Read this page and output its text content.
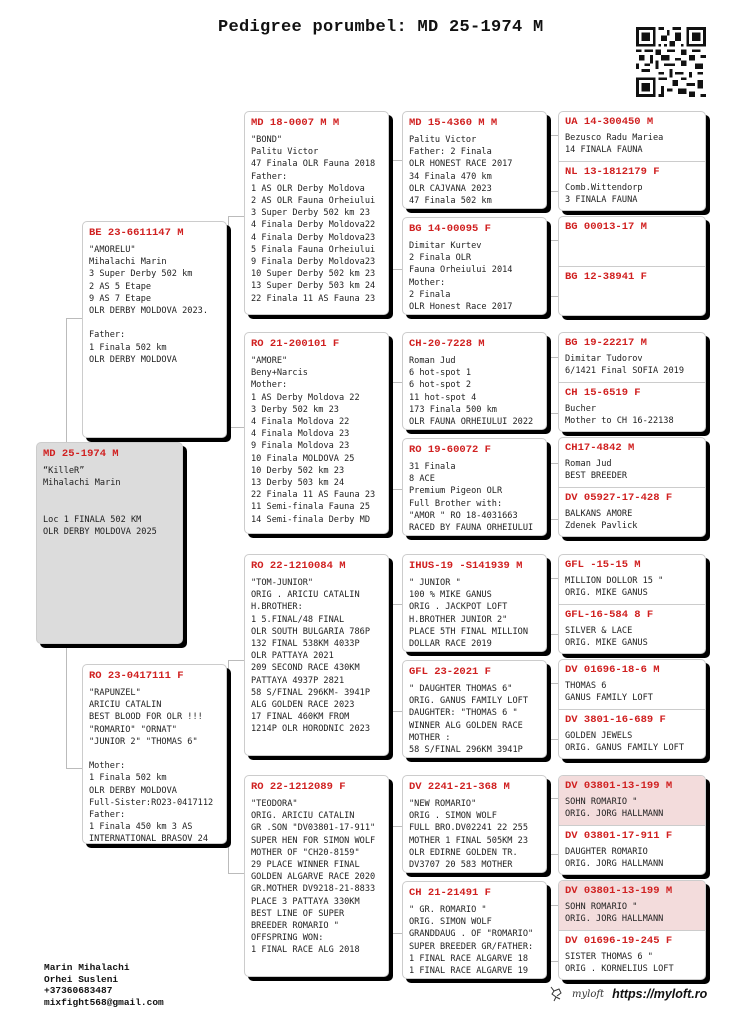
Pedigree porumbel: MD 25-1974 M
MD 25-1974 M
“KilleR”
Mihalachi Marin

Loc 1 FINALA 502 KM
OLR DERBY MOLDOVA 2025
BE 23-6611147 M
"AMORELU"
Mihalachi Marin
3 Super Derby 502 km
2 AS 5 Etape
9 AS 7 Etape
OLR DERBY MOLDOVA 2023.

Father:
1 Finala 502 km
OLR DERBY MOLDOVA
RO 23-0417111 F
"RAPUNZEL"
ARICIU CATALIN
BEST BLOOD FOR OLR !!!
"ROMARIO" "ORNAT"
"JUNIOR 2" "THOMAS 6"

Mother:
1 Finala 502 km
OLR DERBY MOLDOVA
Full-Sister:RO23-0417112
Father:
1 Finala 450 km 3 AS
INTERNATIONAL BRASOV 24
MD 18-0007 M M
"BOND"
Palitu Victor
47 Finala OLR Fauna 2018
Father:
1 AS OLR Derby Moldova
2 AS OLR Fauna Orheiului
3 Super Derby 502 km 23
4 Finala Derby Moldova22
4 Finala Derby Moldova23
5 Finala Fauna Orheiului
9 Finala Derby Moldova23
10 Super Derby 502 km 23
13 Super Derby 503 km 24
22 Finala 11 AS Fauna 23
RO 21-200101 F
"AMORE"
Beny+Narcis
Mother:
1 AS Derby Moldova 22
3 Derby 502 km 23
4 Finala Moldova 22
4 Finala Moldova 23
9 Finala Moldova 23
10 Finala MOLDOVA 25
10 Derby 502 km 23
13 Derby 503 km 24
22 Finala 11 AS Fauna 23
11 Semi-finala Fauna 25
14 Semi-finala Derby MD
RO 22-1210084 M
"TOM-JUNIOR"
ORIG . ARICIU CATALIN
H.BROTHER:
1 5.FINAL/48 FINAL
OLR SOUTH BULGARIA 786P
132 FINAL 538KM 4033P
OLR PATTAYA 2021
209 SECOND RACE 430KM
PATTAYA 4937P 2821
58 S/FINAL 296KM- 3941P
ALG GOLDEN RACE 2023
17 FINAL 460KM FROM
1214P OLR HORODNIC 2023
RO 22-1212089 F
"TEODORA"
ORIG. ARICIU CATALIN
GR .SON "DV03801-17-911"
SUPER HEN FOR SIMON WOLF
MOTHER OF "CH20-8159"
29 PLACE WINNER FINAL
GOLDEN ALGARVE RACE 2020
GR.MOTHER DV9218-21-8833
PLACE 3 PATTAYA 330KM
BEST LINE OF SUPER
BREEDER ROMARIO "
OFFSPRING WON:
1 FINAL RACE ALG 2018
MD 15-4360 M M
Palitu Victor
Father: 2 Finala
OLR HONEST RACE 2017
34 Finala 470 km
OLR CAJVANA 2023
47 Finala 502 km
BG 14-00095 F
Dimitar Kurtev
2 Finala OLR
Fauna Orheiului 2014
Mother:
2 Finala
OLR Honest Race 2017
CH-20-7228 M
Roman Jud
6 hot-spot 1
6 hot-spot 2
11 hot-spot 4
173 Finala 500 km
OLR FAUNA ORHEIULUI 2022
RO 19-60072 F
31 Finala
8 ACE
Premium Pigeon OLR
Full Brother with:
"AMOR " RO 18-4031663
RACED BY FAUNA ORHEIULUI
IHUS-19 -S141939 M
" JUNIOR "
100 % MIKE GANUS
ORIG . JACKPOT LOFT
H.BROTHER JUNIOR 2"
PLACE 5TH FINAL MILLION
DOLLAR RACE 2019
GFL 23-2021 F
" DAUGHTER THOMAS 6"
ORIG. GANUS FAMILY LOFT
DAUGHTER: "THOMAS 6 "
WINNER ALG GOLDEN RACE
MOTHER :
58 S/FINAL 296KM 3941P
DV 2241-21-368 M
"NEW ROMARIO"
ORIG . SIMON WOLF
FULL BRO.DV02241 22 255
MOTHER 1 FINAL 505KM 23
OLR EDIRNE GOLDEN TR.
DV3707 20 583 MOTHER
CH 21-21491 F
" GR. ROMARIO "
ORIG. SIMON WOLF
GRANDDAUG . OF "ROMARIO"
SUPER BREEDER GR/FATHER:
1 FINAL RACE ALGARVE 18
1 FINAL RACE ALGARVE 19
UA 14-300450 M
Bezusco Radu Mariea
14 FINALA FAUNA
NL 13-1812179 F
Comb.Wittendorp
3 FINALA FAUNA
BG 00013-17 M
BG 12-38941 F
BG 19-22217 M
Dimitar Tudorov
6/1421 Final SOFIA 2019
CH 15-6519 F
Bucher
Mother to CH 16-22138
CH17-4842 M
Roman Jud
BEST BREEDER
DV 05927-17-428 F
BALKANS AMORE
Zdenek Pavlick
GFL -15-15 M
MILLION DOLLOR 15 "
ORIG. MIKE GANUS
GFL-16-584 8 F
SILVER & LACE
ORIG. MIKE GANUS
DV 01696-18-6 M
THOMAS 6
GANUS FAMILY LOFT
DV 3801-16-689 F
GOLDEN JEWELS
ORIG. GANUS FAMILY LOFT
DV 03801-13-199 M
SOHN ROMARIO "
ORIG. JORG HALLMANN
DV 03801-17-911 F
DAUGHTER ROMARIO
ORIG. JORG HALLMANN
DV 03801-13-199 M
SOHN ROMARIO "
ORIG. JORG HALLMANN
DV 01696-19-245 F
SISTER THOMAS 6 "
ORIG . KORNELIUS LOFT
Marin Mihalachi
Orhei Susleni
+37360683487
mixfight568@gmail.com
myloft https://myloft.ro
